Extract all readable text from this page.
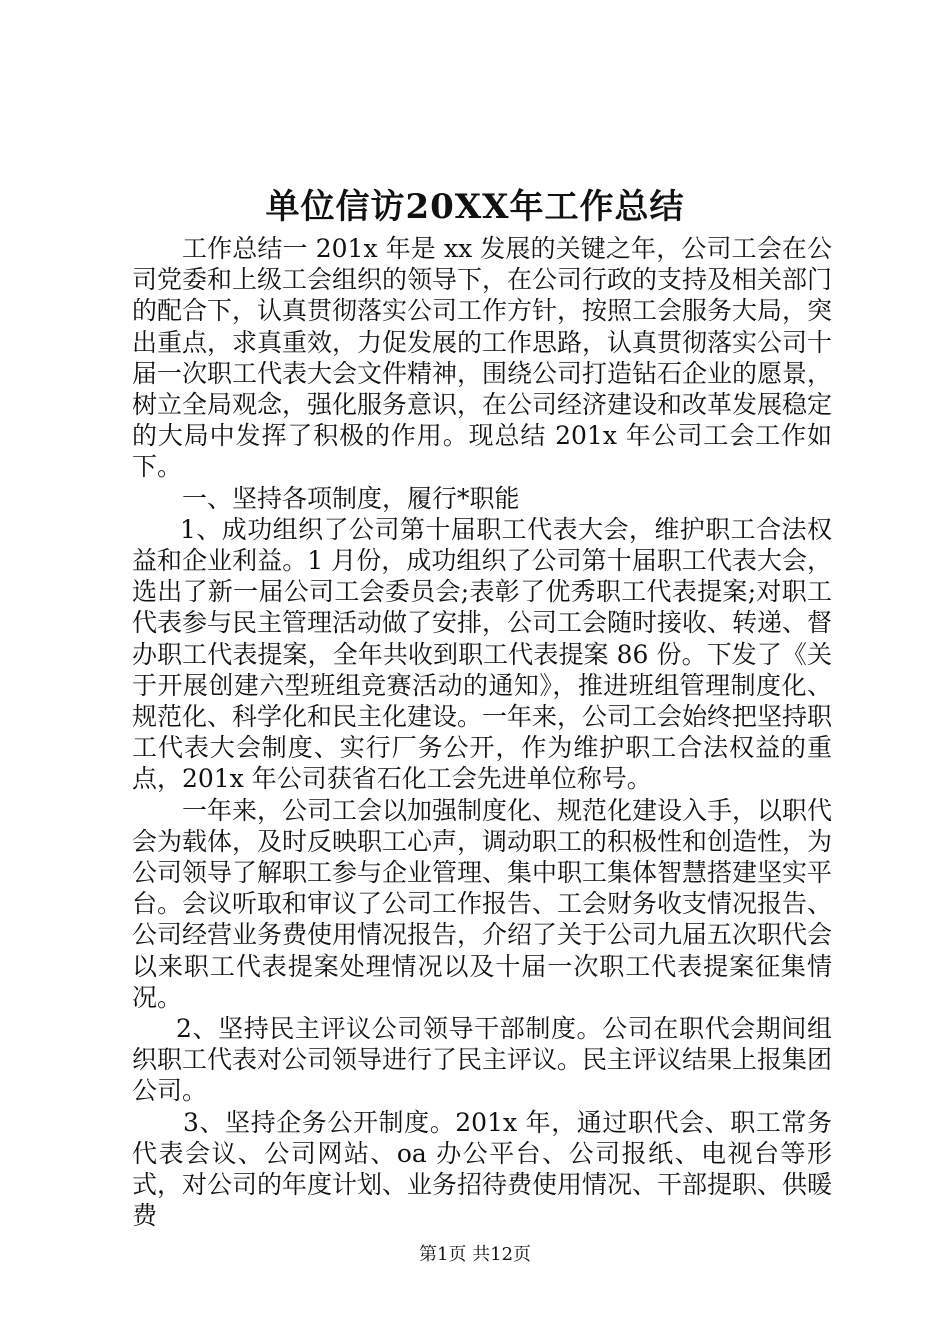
单位信访20XX年工作总结

工作总结一 201x 年是 xx 发展的关键之年，公司工会在公司党委和上级工会组织的领导下，在公司行政的支持及相关部门的配合下，认真贯彻落实公司工作方针，按照工会服务大局，突出重点，求真重效，力促发展的工作思路，认真贯彻落实公司十届一次职工代表大会文件精神，围绕公司打造钻石企业的愿景，树立全局观念，强化服务意识，在公司经济建设和改革发展稳定的大局中发挥了积极的作用。现总结 201x 年公司工会工作如下。

一、坚持各项制度，履行*职能

1、成功组织了公司第十届职工代表大会，维护职工合法权益和企业利益。1 月份，成功组织了公司第十届职工代表大会，选出了新一届公司工会委员会;表彰了优秀职工代表提案;对职工代表参与民主管理活动做了安排，公司工会随时接收、转递、督办职工代表提案，全年共收到职工代表提案 86 份。下发了《关于开展创建六型班组竞赛活动的通知》，推进班组管理制度化、规范化、科学化和民主化建设。一年来，公司工会始终把坚持职工代表大会制度、实行厂务公开，作为维护职工合法权益的重点，201x 年公司获省石化工会先进单位称号。

一年来，公司工会以加强制度化、规范化建设入手，以职代会为载体，及时反映职工心声，调动职工的积极性和创造性，为公司领导了解职工参与企业管理、集中职工集体智慧搭建坚实平台。会议听取和审议了公司工作报告、工会财务收支情况报告、公司经营业务费使用情况报告，介绍了关于公司九届五次职代会以来职工代表提案处理情况以及十届一次职工代表提案征集情况。

2、坚持民主评议公司领导干部制度。公司在职代会期间组织职工代表对公司领导进行了民主评议。民主评议结果上报集团公司。

3、坚持企务公开制度。201x 年，通过职代会、职工常务代表会议、公司网站、oa 办公平台、公司报纸、电视台等形式，对公司的年度计划、业务招待费使用情况、干部提职、供暖费

第1页 共12页
